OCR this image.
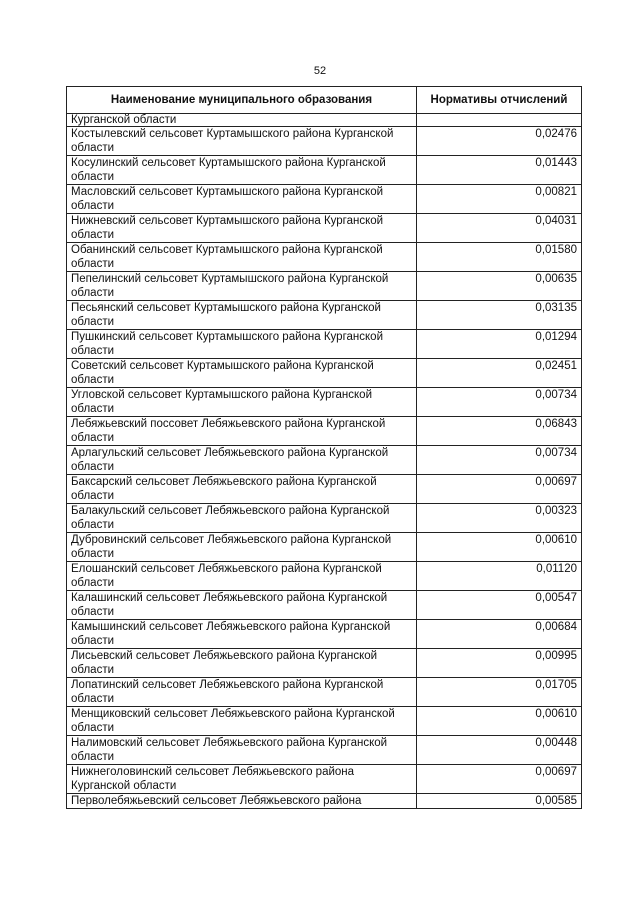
52
Наименование муниципального образования	Нормативы отчислений
Курганской области	
Костылевский сельсовет Куртамышского района Курганской области	0,02476
Косулинский сельсовет Куртамышского района Курганской области	0,01443
Масловский сельсовет Куртамышского района Курганской области	0,00821
Нижневский сельсовет Куртамышского района Курганской области	0,04031
Обанинский сельсовет Куртамышского района Курганской области	0,01580
Пепелинский сельсовет Куртамышского района Курганской области	0,00635
Песьянский сельсовет Куртамышского района Курганской области	0,03135
Пушкинский сельсовет Куртамышского района Курганской области	0,01294
Советский сельсовет Куртамышского района Курганской области	0,02451
Угловской сельсовет Куртамышского района Курганской области	0,00734
Лебяжьевский поссовет Лебяжьевского района Курганской области	0,06843
Арлагульский сельсовет Лебяжьевского района Курганской области	0,00734
Баксарский сельсовет Лебяжьевского района Курганской области	0,00697
Балакульский сельсовет Лебяжьевского района Курганской области	0,00323
Дубровинский сельсовет Лебяжьевского района Курганской области	0,00610
Елошанский сельсовет Лебяжьевского района Курганской области	0,01120
Калашинский сельсовет Лебяжьевского района Курганской области	0,00547
Камышинский сельсовет Лебяжьевского района Курганской области	0,00684
Лисьевский сельсовет Лебяжьевского района Курганской области	0,00995
Лопатинский сельсовет Лебяжьевского района Курганской области	0,01705
Менщиковский сельсовет Лебяжьевского района Курганской области	0,00610
Налимовский сельсовет Лебяжьевского района Курганской области	0,00448
Нижнеголовинский сельсовет Лебяжьевского района Курганской области	0,00697
Перволебяжьевский сельсовет Лебяжьевского района	0,00585
